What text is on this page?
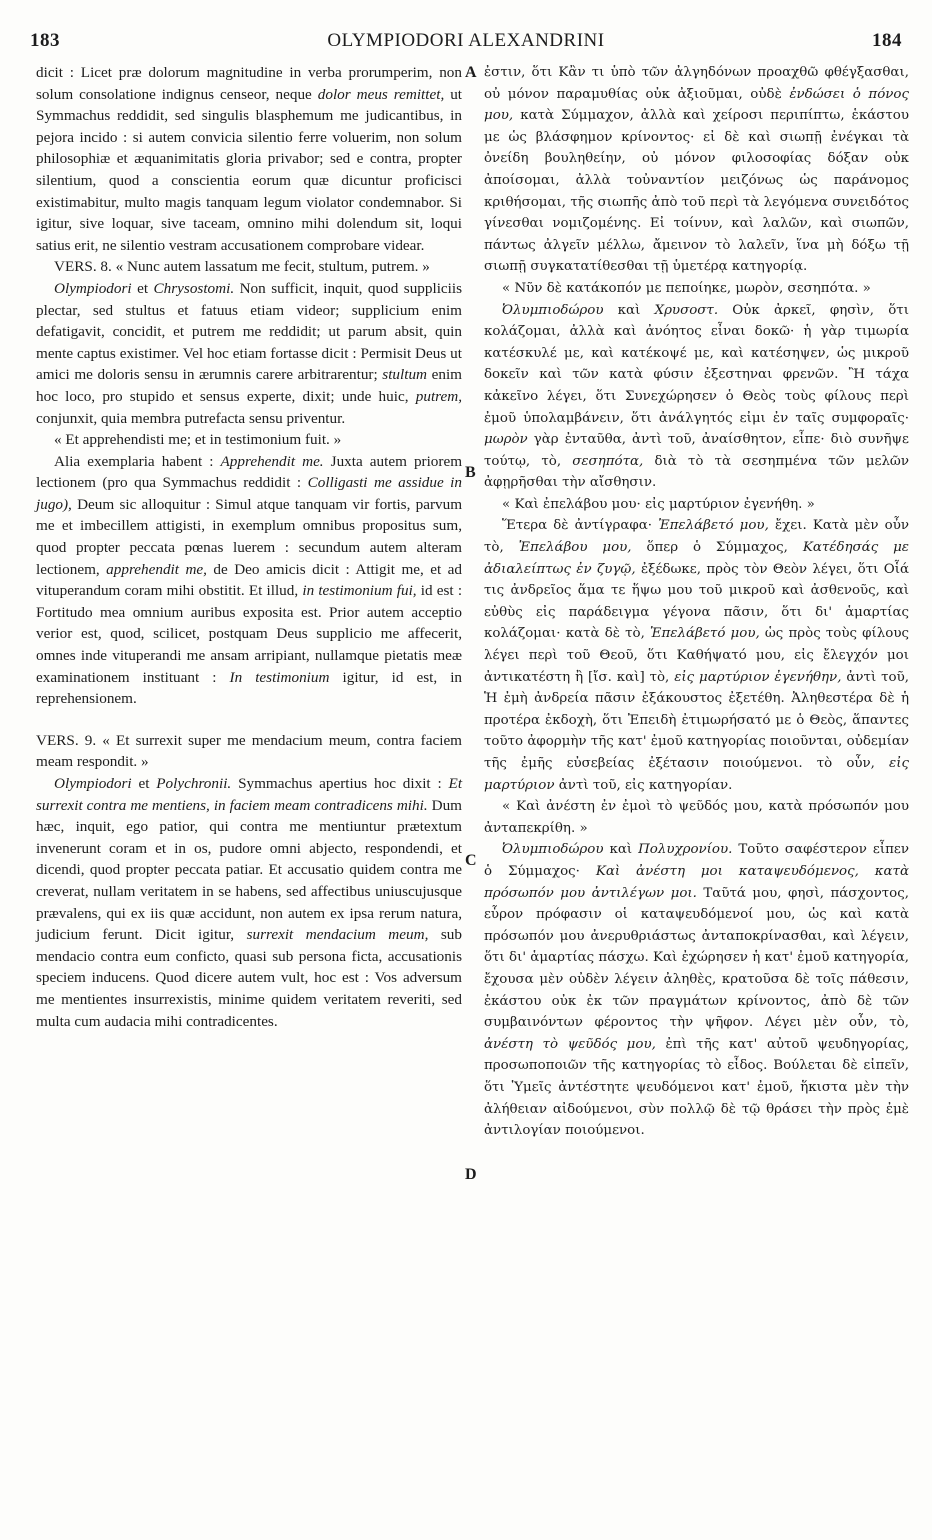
183	OLYMPIODORI ALEXANDRINI	184

dicit : Licet præ dolorum magnitudine in verba prorumperim, non solum consolatione indignus censeor, neque dolor meus remittet, ut Symmachus reddidit, sed singulis blasphemum me judicantibus, in pejora incido : si autem convicia silentio ferre voluerim, non solum philosophiæ et æquanimitatis gloria privabor; sed e contra, propter silentium, quod a conscientia eorum quæ dicuntur proficisci existimabitur, multo magis tanquam legum violator condemnabor. Si igitur, sive loquar, sive taceam, omnino mihi dolendum sit, loqui satius erit, ne silentio vestram accusationem comprobare videar.

VERS. 8. « Nunc autem lassatum me fecit, stultum, putrem. »

Olympiodori et Chrysostomi. Non sufficit, inquit, quod suppliciis plectar, sed stultus et fatuus etiam videor; supplicium enim defatigavit, concidit, et putrem me reddidit; ut parum absit, quin mente captus existimer. Vel hoc etiam fortasse dicit : Permisit Deus ut amici me doloris sensu in ærumnis carere arbitrarentur; stultum enim hoc loco, pro stupido et sensus experte, dixit; unde huic, putrem, conjunxit, quia membra putrefacta sensu priventur.

« Et apprehendisti me; et in testimonium fuit. »

Alia exemplaria habent : Apprehendit me. Juxta autem priorem lectionem (pro qua Symmachus reddidit : Colligasti me assidue in jugo), Deum sic alloquitur : Simul atque tanquam vir fortis, parvum me et imbecillem attigisti, in exemplum omnibus propositus sum, quod propter peccata pœnas luerem : secundum autem alteram lectionem, apprehendit me, de Deo amicis dicit : Attigit me, et ad vituperandum coram mihi obstitit. Et illud, in testimonium fui, id est : Fortitudo mea omnium auribus exposita est. Prior autem acceptio verior est, quod, scilicet, postquam Deus supplicio me affecerit, omnes inde vituperandi me ansam arripiant, nullamque pietatis meæ examinationem instituant : In testimonium igitur, id est, in reprehensionem.

VERS. 9. « Et surrexit super me mendacium meum, contra faciem meam respondit. »

Olympiodori et Polychronii. Symmachus apertius hoc dixit : Et surrexit contra me mentiens, in faciem meam contradicens mihi. Dum hæc, inquit, ego patior, qui contra me mentiuntur prætextum invenerunt coram et in os, pudore omni abjecto, respondendi, et dicendi, quod propter peccata patiar. Et accusatio quidem contra me creverat, nullam veritatem in se habens, sed affectibus uniuscujusque prævalens, qui ex iis quæ accidunt, non autem ex ipsa rerum natura, judicium ferunt. Dicit igitur, surrexit mendacium meum, sub mendacio contra eum conficto, quasi sub persona ficta, accusationis speciem inducens. Quod dicere autem vult, hoc est : Vos adversum me mentientes insurrexistis, minime quidem veritatem reveriti, sed multa cum audacia mihi contradicentes.

A
B
C
D

ἐστιν, ὅτι Κἂν τι ὑπὸ τῶν ἀλγηδόνων προαχθῶ φθέγξασθαι, οὐ μόνον παραμυθίας οὐκ ἀξιοῦμαι, οὐδὲ ἐνδώσει ὁ πόνος μου, κατὰ Σύμμαχον, ἀλλὰ καὶ χείροσι περιπίπτω, ἑκάστου με ὡς βλάσφημον κρίνοντος· εἰ δὲ καὶ σιωπῇ ἐνέγκαι τὰ ὀνείδη βουληθείην, οὐ μόνον φιλοσοφίας δόξαν οὐκ ἀποίσομαι, ἀλλὰ τοὐναντίον μειζόνως ὡς παράνομος κριθήσομαι, τῆς σιωπῆς ἀπὸ τοῦ περὶ τὰ λεγόμενα συνειδότος γίνεσθαι νομιζομένης. Εἰ τοίνυν, καὶ λαλῶν, καὶ σιωπῶν, πάντως ἀλγεῖν μέλλω, ἄμεινον τὸ λαλεῖν, ἵνα μὴ δόξω τῇ σιωπῇ συγκατατίθεσθαι τῇ ὑμετέρᾳ κατηγορίᾳ.

« Νῦν δὲ κατάκοπόν με πεποίηκε, μωρὸν, σεσηπότα. »

Ὀλυμπιοδώρου καὶ Χρυσοστ. Οὐκ ἀρκεῖ, φησὶν, ὅτι κολάζομαι, ἀλλὰ καὶ ἀνόητος εἶναι δοκῶ· ἡ γὰρ τιμωρία κατέσκυλέ με, καὶ κατέκοψέ με, καὶ κατέσηψεν, ὡς μικροῦ δοκεῖν καὶ τῶν κατὰ φύσιν ἐξεστηναι φρενῶν. Ἢ τάχα κἀκεῖνο λέγει, ὅτι Συνεχώρησεν ὁ Θεὸς τοὺς φίλους περὶ ἐμοῦ ὑπολαμβάνειν, ὅτι ἀνάλγητός εἰμι ἐν ταῖς συμφοραῖς· μωρὸν γὰρ ἐνταῦθα, ἀντὶ τοῦ, ἀναίσθητον, εἶπε· διὸ συνῆψε τούτῳ, τὸ, σεσηπότα, διὰ τὸ τὰ σεσηπμένα τῶν μελῶν ἀφῃρῆσθαι τὴν αἴσθησιν.

« Καὶ ἐπελάβου μου· εἰς μαρτύριον ἐγενήθη. »

Ἕτερα δὲ ἀντίγραφα· Ἐπελάβετό μου, ἔχει. Κατὰ μὲν οὖν τὸ, Ἐπελάβου μου, ὅπερ ὁ Σύμμαχος, Κατέδησάς με ἀδιαλείπτως ἐν ζυγῷ, ἐξέδωκε, πρὸς τὸν Θεὸν λέγει, ὅτι Οἷά τις ἀνδρεῖος ἅμα τε ἥψω μου τοῦ μικροῦ καὶ ἀσθενοῦς, καὶ εὐθὺς εἰς παράδειγμα γέγονα πᾶσιν, ὅτι δι' ἁμαρτίας κολάζομαι· κατὰ δὲ τὸ, Ἐπελάβετό μου, ὡς πρὸς τοὺς φίλους λέγει περὶ τοῦ Θεοῦ, ὅτι Καθήψατό μου, εἰς ἔλεγχόν μοι ἀντικατέστη ἢ [ἴσ. καὶ] τὸ, εἰς μαρτύριον ἐγενήθην, ἀντὶ τοῦ, Ἡ ἐμὴ ἀνδρεία πᾶσιν ἐξάκουστος ἐξετέθη. Ἀληθεστέρα δὲ ἡ προτέρα ἐκδοχὴ, ὅτι Ἐπειδὴ ἐτιμωρήσατό με ὁ Θεὸς, ἅπαντες τοῦτο ἀφορμὴν τῆς κατ' ἐμοῦ κατηγορίας ποιοῦνται, οὐδεμίαν τῆς ἐμῆς εὐσεβείας ἐξέτασιν ποιούμενοι. τὸ οὖν, εἰς μαρτύριον ἀντὶ τοῦ, εἰς κατηγορίαν.

« Καὶ ἀνέστη ἐν ἐμοὶ τὸ ψεῦδός μου, κατὰ πρόσωπόν μου ἀνταπεκρίθη. »

Ὀλυμπιοδώρου καὶ Πολυχρονίου. Τοῦτο σαφέστερον εἶπεν ὁ Σύμμαχος· Καὶ ἀνέστη μοι καταψευδόμενος, κατὰ πρόσωπόν μου ἀντιλέγων μοι. Ταῦτά μου, φησὶ, πάσχοντος, εὗρον πρόφασιν οἱ καταψευδόμενοί μου, ὡς καὶ κατὰ πρόσωπόν μου ἀνερυθριάστως ἀνταποκρίνασθαι, καὶ λέγειν, ὅτι δι' ἁμαρτίας πάσχω. Καὶ ἐχώρησεν ἡ κατ' ἐμοῦ κατηγορία, ἔχουσα μὲν οὐδὲν λέγειν ἀληθὲς, κρατοῦσα δὲ τοῖς πάθεσιν, ἑκάστου οὐκ ἐκ τῶν πραγμάτων κρίνοντος, ἀπὸ δὲ τῶν συμβαινόντων φέροντος τὴν ψῆφον. Λέγει μὲν οὖν, τὸ, ἀνέστη τὸ ψεῦδός μου, ἐπὶ τῆς κατ' αὐτοῦ ψευδηγορίας, προσωποποιῶν τῆς κατηγορίας τὸ εἶδος. Βούλεται δὲ εἰπεῖν, ὅτι Ὑμεῖς ἀντέστητε ψευδόμενοι κατ' ἐμοῦ, ἥκιστα μὲν τὴν ἀλήθειαν αἰδούμενοι, σὺν πολλῷ δὲ τῷ θράσει τὴν πρὸς ἐμὲ ἀντιλογίαν ποιούμενοι.
